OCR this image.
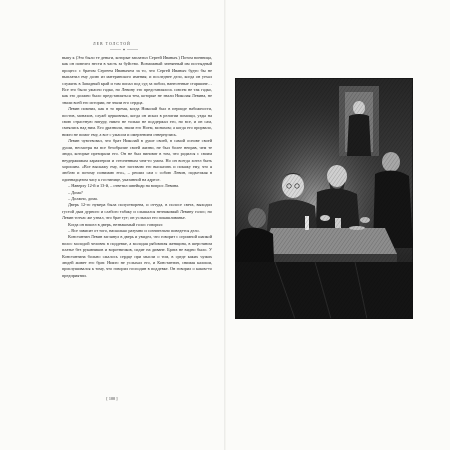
ЛЕВ ТОЛСТОЙ

выпу к (Это было те деньги, которые заплатил Сергей Иваныч.) Потом воевница, как он повелел нести в часть за буйство. Возможный затеянный им постыдный процесс с братом Сергеем Иванычем за то, что Сергей Иваныч будто бы не выплатил ему долю из материнского имения; и последнее дело, когда он уехал служить в Западный край и там попал под суд за побои, нанесенные старшине… Все это было ужасно гадко, но Левину это представлялось совсем не так гадко, как это должно было представляться тем, которые не знали Николая Левина, не знали всей его истории, не знали его сердца.

Левин помнил, как в то время, когда Николай был в периоде набожности, постов, монахов, служб церковных, когда он искал в религии помощи, узды на свою страстную натуру, никто не только не поддержал его, но все, и он сам, смеялись над ним. Его дразнили, звали его Ноем, монахом; а когда его прорвало, никто не помог ему, а все с ужасом и омерзением отвернулись.

Левин чувствовал, что брат Николай в душе своей, в самой основе своей души, несмотря на все безобразие своей жизни, не был более неправ, чем те люди, которые презирали его. Он не был виноват в том, что родился с своим неудержимым характером и стесненным чем-то умом. Но он всегда хотел быть хорошим. «Все выскажу ему, все заставлю его высказать и покажу ему, что я люблю и потому понимаю его», – решил сам с собою Левин, подъезжая в одиннадцатом часу к гостинице, указанной на адресе.

– Наверху 12-й и 13-й, – ответил швейцар на вопрос Левина.

– Дома?

– Должно, дома.

Дверь 12-го нумера была полуотворена, и оттуда, в полосе света, выходил густой дым дурного и слабого табаку и слышался незнакомый Левину голос; но Левин тотчас же узнал, что брат тут; он услыхал его покашливанье.

Когда он вошел в дверь, незнакомый голос говорил:

– Все зависит от того, насколько разумно и сознательно поведется дело.

Константин Левин заглянул в дверь и увидел, что говорит с огромной шапкой волос молодой человек в поддевке, а молодая рябоватая женщина, в шерстяном платье без рукавчиков и воротничков, сидит на диване. Брата не видно было. У Константина больно сжалось сердце при мысли о том, в среде каких чужих людей живет его брат. Никто не услыхал его, и Константин, снимая калоши, прислушивался к тому, что говорил господин в поддевке. Он говорил о каком-то предприятии.

[ 100 ]
